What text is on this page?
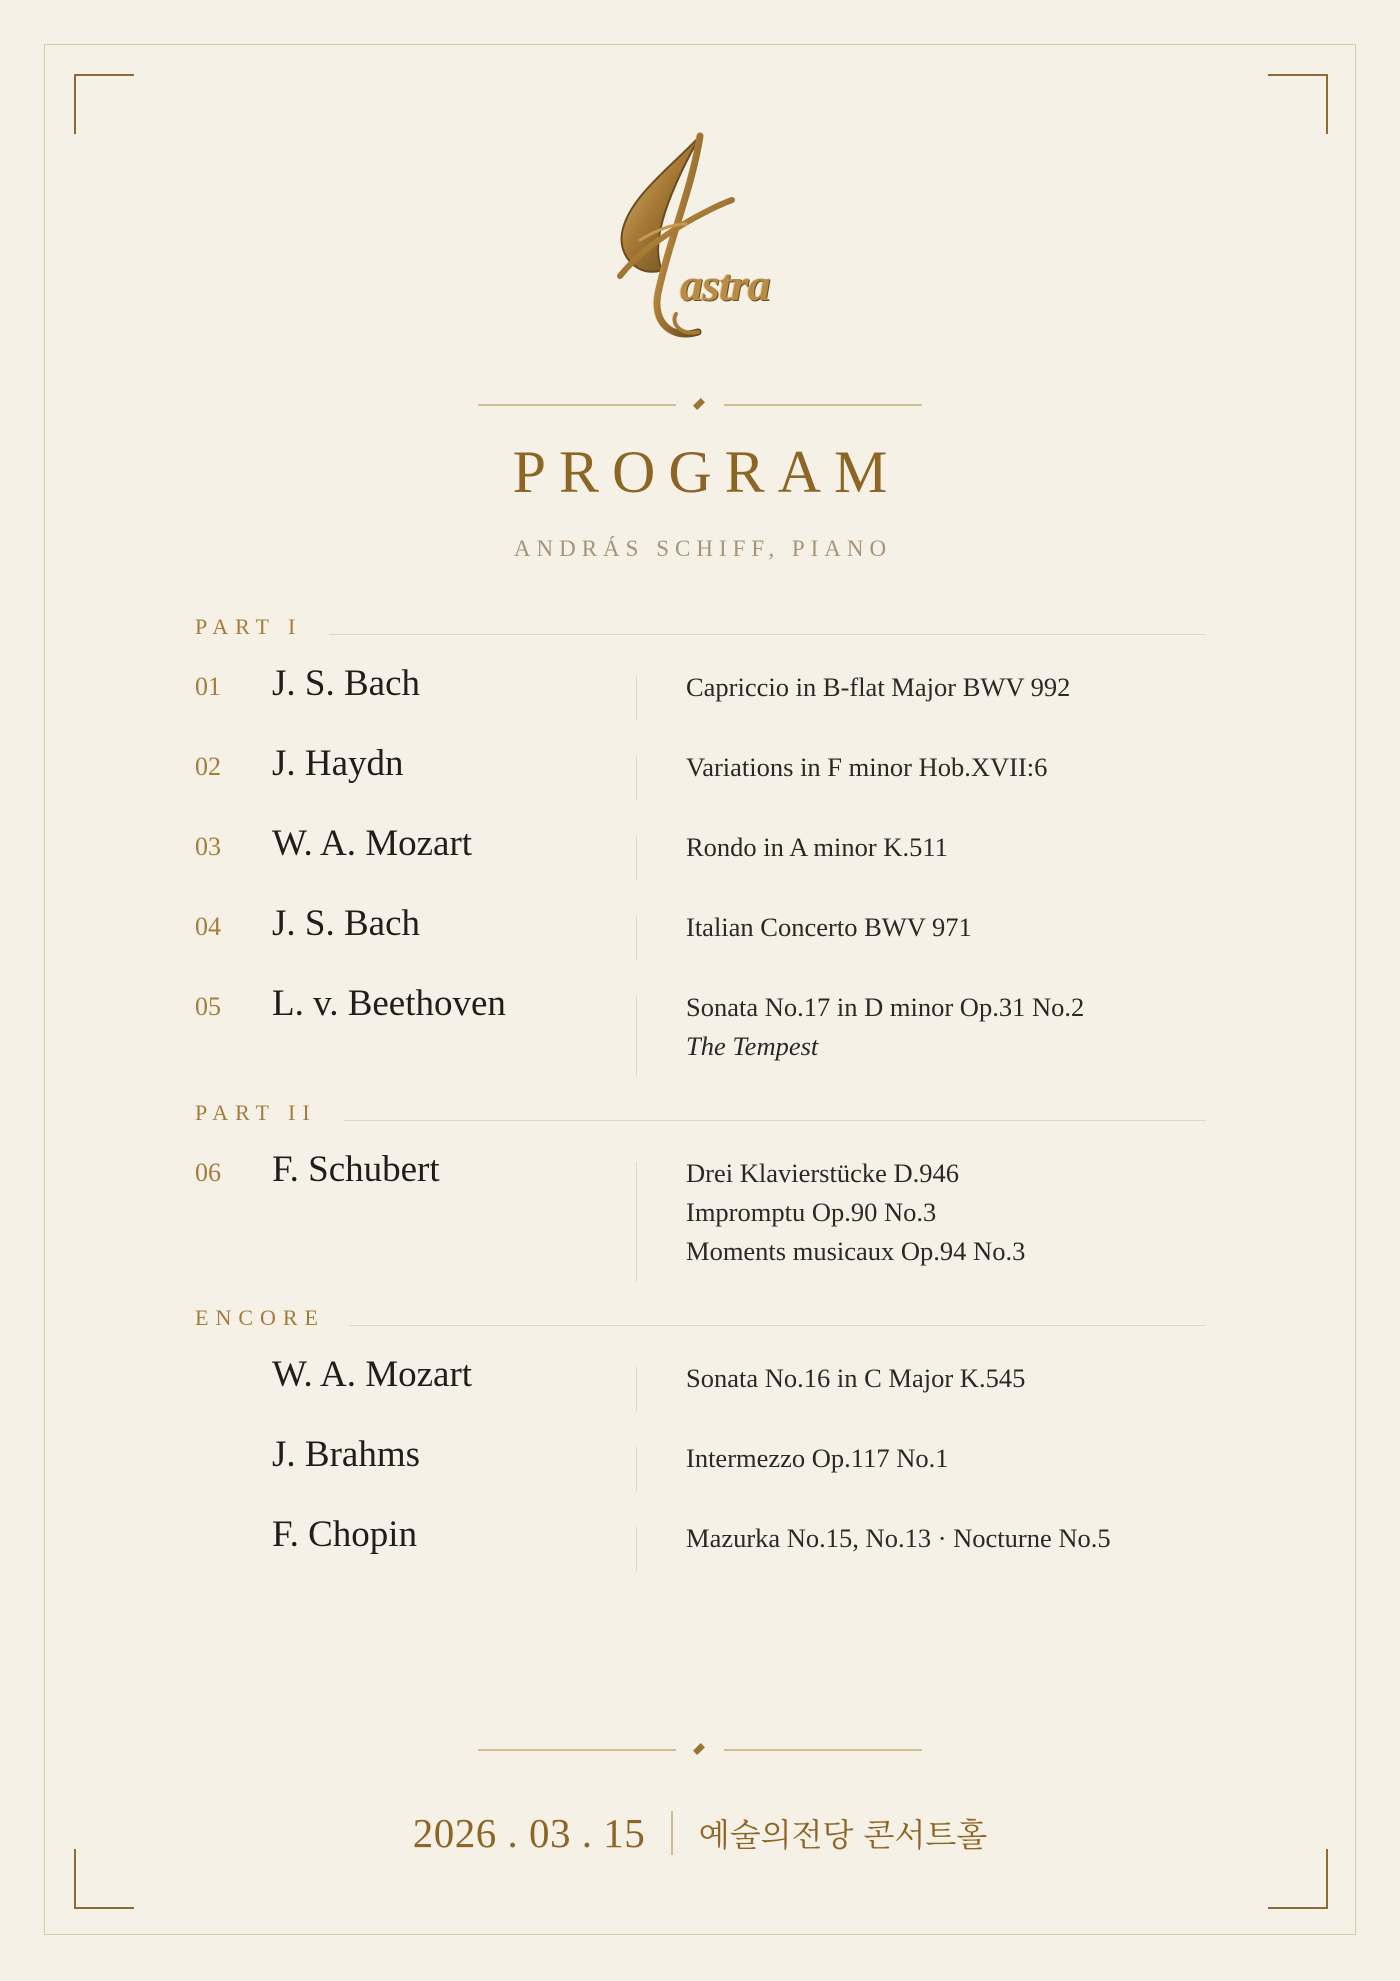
astra
PROGRAM
ANDRÁS SCHIFF, PIANO
PART I
01 J. S. Bach	Capriccio in B-flat Major BWV 992
02 J. Haydn	Variations in F minor Hob.XVII:6
03 W. A. Mozart	Rondo in A minor K.511
04 J. S. Bach	Italian Concerto BWV 971
05 L. v. Beethoven	Sonata No.17 in D minor Op.31 No.2
The Tempest
PART II
06 F. Schubert	Drei Klavierstücke D.946
Impromptu Op.90 No.3
Moments musicaux Op.94 No.3
ENCORE
W. A. Mozart	Sonata No.16 in C Major K.545
J. Brahms	Intermezzo Op.117 No.1
F. Chopin	Mazurka No.15, No.13 · Nocturne No.5
2026 . 03 . 15 예술의전당 콘서트홀
